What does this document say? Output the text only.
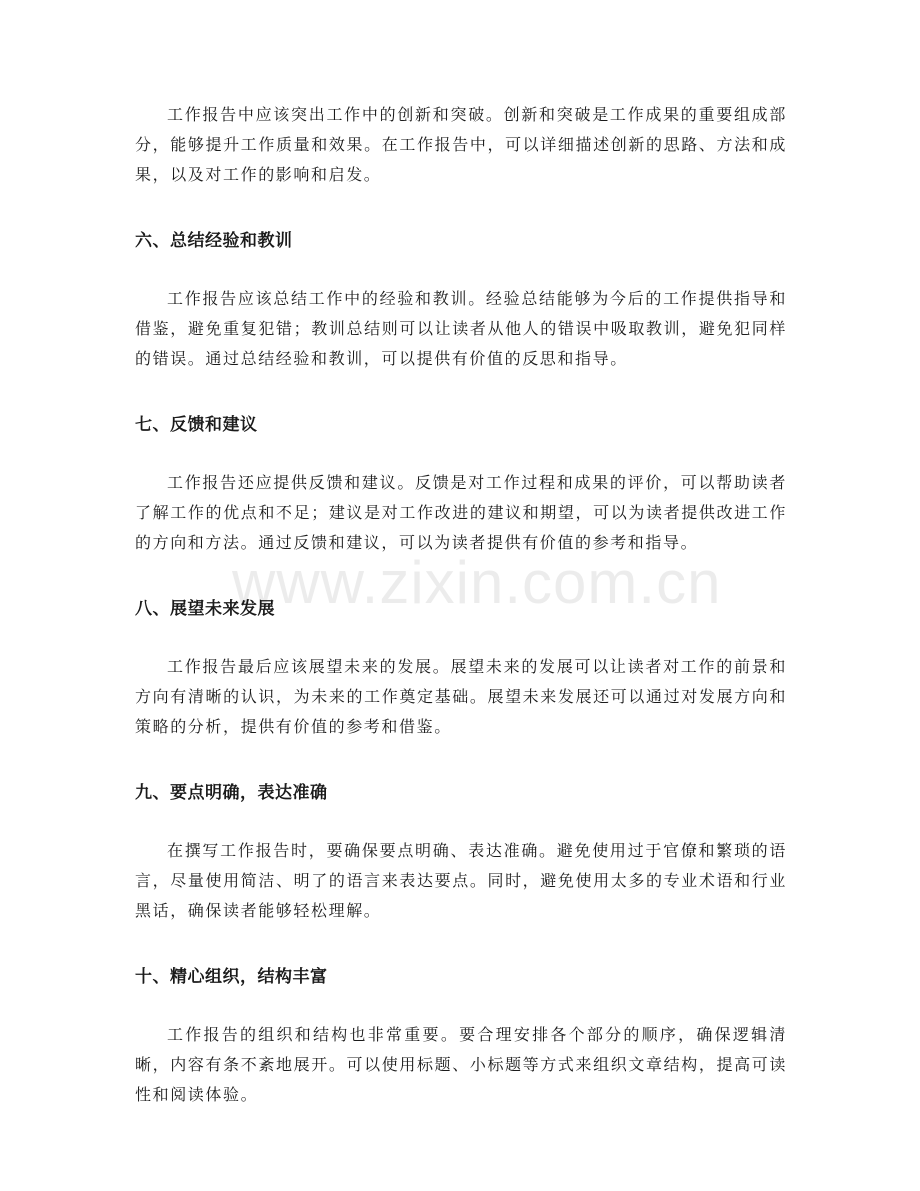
工作报告中应该突出工作中的创新和突破。创新和突破是工作成果的重要组成部分，能够提升工作质量和效果。在工作报告中，可以详细描述创新的思路、方法和成果，以及对工作的影响和启发。

六、总结经验和教训

工作报告应该总结工作中的经验和教训。经验总结能够为今后的工作提供指导和借鉴，避免重复犯错；教训总结则可以让读者从他人的错误中吸取教训，避免犯同样的错误。通过总结经验和教训，可以提供有价值的反思和指导。

七、反馈和建议

工作报告还应提供反馈和建议。反馈是对工作过程和成果的评价，可以帮助读者了解工作的优点和不足；建议是对工作改进的建议和期望，可以为读者提供改进工作的方向和方法。通过反馈和建议，可以为读者提供有价值的参考和指导。

八、展望未来发展

工作报告最后应该展望未来的发展。展望未来的发展可以让读者对工作的前景和方向有清晰的认识，为未来的工作奠定基础。展望未来发展还可以通过对发展方向和策略的分析，提供有价值的参考和借鉴。

九、要点明确，表达准确

在撰写工作报告时，要确保要点明确、表达准确。避免使用过于官僚和繁琐的语言，尽量使用简洁、明了的语言来表达要点。同时，避免使用太多的专业术语和行业黑话，确保读者能够轻松理解。

十、精心组织，结构丰富

工作报告的组织和结构也非常重要。要合理安排各个部分的顺序，确保逻辑清晰，内容有条不紊地展开。可以使用标题、小标题等方式来组织文章结构，提高可读性和阅读体验。

www.zixin.com.cn
